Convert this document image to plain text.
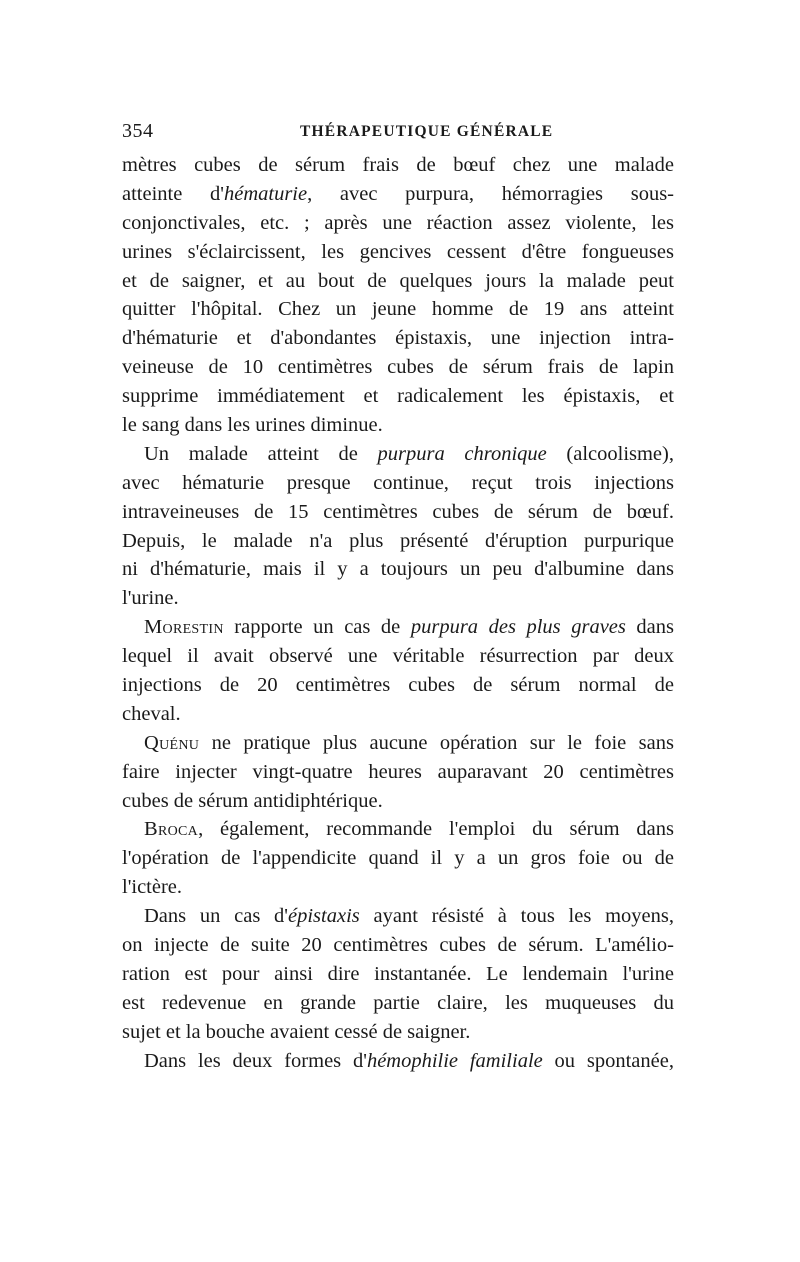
354	THÉRAPEUTIQUE GÉNÉRALE
mètres cubes de sérum frais de bœuf chez une malade
atteinte d'hématurie, avec purpura, hémorragies sous-
conjonctivales, etc. ; après une réaction assez violente, les
urines s'éclaircissent, les gencives cessent d'être fongueuses
et de saigner, et au bout de quelques jours la malade peut
quitter l'hôpital. Chez un jeune homme de 19 ans atteint
d'hématurie et d'abondantes épistaxis, une injection intra-
veineuse de 10 centimètres cubes de sérum frais de lapin
supprime immédiatement et radicalement les épistaxis, et
le sang dans les urines diminue.
Un malade atteint de purpura chronique (alcoolisme),
avec hématurie presque continue, reçut trois injections
intraveineuses de 15 centimètres cubes de sérum de bœuf.
Depuis, le malade n'a plus présenté d'éruption purpurique
ni d'hématurie, mais il y a toujours un peu d'albumine dans
l'urine.
Morestin rapporte un cas de purpura des plus graves dans
lequel il avait observé une véritable résurrection par deux
injections de 20 centimètres cubes de sérum normal de
cheval.
Quénu ne pratique plus aucune opération sur le foie sans
faire injecter vingt-quatre heures auparavant 20 centimètres
cubes de sérum antidiphtérique.
Broca, également, recommande l'emploi du sérum dans
l'opération de l'appendicite quand il y a un gros foie ou de
l'ictère.
Dans un cas d'épistaxis ayant résisté à tous les moyens,
on injecte de suite 20 centimètres cubes de sérum. L'amélio-
ration est pour ainsi dire instantanée. Le lendemain l'urine
est redevenue en grande partie claire, les muqueuses du
sujet et la bouche avaient cessé de saigner.
Dans les deux formes d'hémophilie familiale ou spontanée,
